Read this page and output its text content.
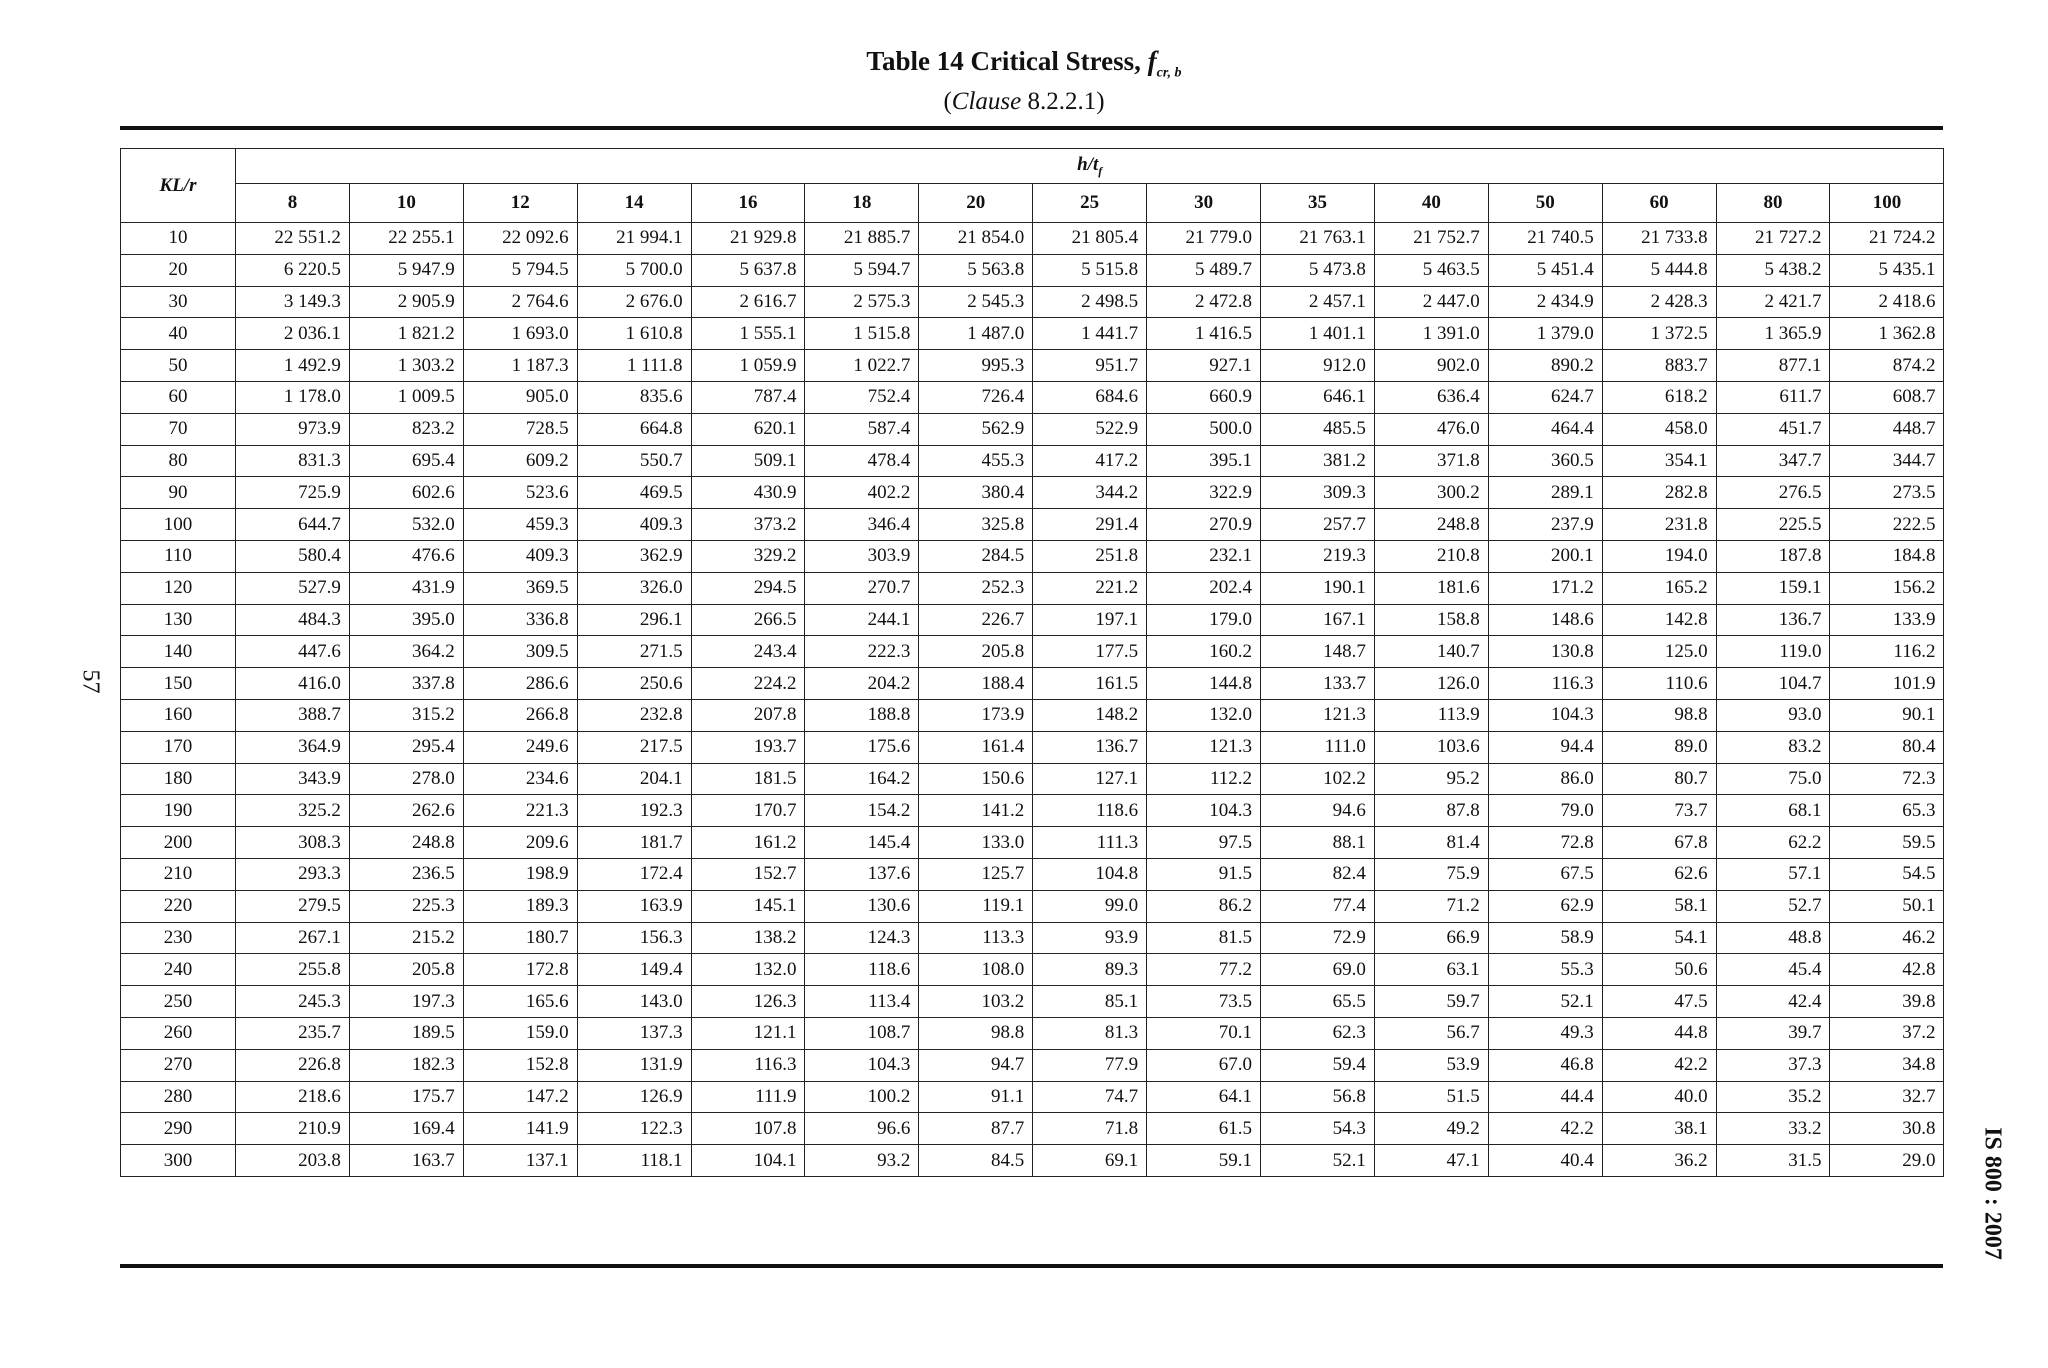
Table 14 Critical Stress, $f_{cr, b}$
(Clause 8.2.2.1)
57
IS 800 : 2007
KL/r	$h/t_f$
	8	10	12	14	16	18	20	25	30	35	40	50	60	80	100
10	22 551.2	22 255.1	22 092.6	21 994.1	21 929.8	21 885.7	21 854.0	21 805.4	21 779.0	21 763.1	21 752.7	21 740.5	21 733.8	21 727.2	21 724.2
20	6 220.5	5 947.9	5 794.5	5 700.0	5 637.8	5 594.7	5 563.8	5 515.8	5 489.7	5 473.8	5 463.5	5 451.4	5 444.8	5 438.2	5 435.1
30	3 149.3	2 905.9	2 764.6	2 676.0	2 616.7	2 575.3	2 545.3	2 498.5	2 472.8	2 457.1	2 447.0	2 434.9	2 428.3	2 421.7	2 418.6
40	2 036.1	1 821.2	1 693.0	1 610.8	1 555.1	1 515.8	1 487.0	1 441.7	1 416.5	1 401.1	1 391.0	1 379.0	1 372.5	1 365.9	1 362.8
50	1 492.9	1 303.2	1 187.3	1 111.8	1 059.9	1 022.7	995.3	951.7	927.1	912.0	902.0	890.2	883.7	877.1	874.2
60	1 178.0	1 009.5	905.0	835.6	787.4	752.4	726.4	684.6	660.9	646.1	636.4	624.7	618.2	611.7	608.7
70	973.9	823.2	728.5	664.8	620.1	587.4	562.9	522.9	500.0	485.5	476.0	464.4	458.0	451.7	448.7
80	831.3	695.4	609.2	550.7	509.1	478.4	455.3	417.2	395.1	381.2	371.8	360.5	354.1	347.7	344.7
90	725.9	602.6	523.6	469.5	430.9	402.2	380.4	344.2	322.9	309.3	300.2	289.1	282.8	276.5	273.5
100	644.7	532.0	459.3	409.3	373.2	346.4	325.8	291.4	270.9	257.7	248.8	237.9	231.8	225.5	222.5
110	580.4	476.6	409.3	362.9	329.2	303.9	284.5	251.8	232.1	219.3	210.8	200.1	194.0	187.8	184.8
120	527.9	431.9	369.5	326.0	294.5	270.7	252.3	221.2	202.4	190.1	181.6	171.2	165.2	159.1	156.2
130	484.3	395.0	336.8	296.1	266.5	244.1	226.7	197.1	179.0	167.1	158.8	148.6	142.8	136.7	133.9
140	447.6	364.2	309.5	271.5	243.4	222.3	205.8	177.5	160.2	148.7	140.7	130.8	125.0	119.0	116.2
150	416.0	337.8	286.6	250.6	224.2	204.2	188.4	161.5	144.8	133.7	126.0	116.3	110.6	104.7	101.9
160	388.7	315.2	266.8	232.8	207.8	188.8	173.9	148.2	132.0	121.3	113.9	104.3	98.8	93.0	90.1
170	364.9	295.4	249.6	217.5	193.7	175.6	161.4	136.7	121.3	111.0	103.6	94.4	89.0	83.2	80.4
180	343.9	278.0	234.6	204.1	181.5	164.2	150.6	127.1	112.2	102.2	95.2	86.0	80.7	75.0	72.3
190	325.2	262.6	221.3	192.3	170.7	154.2	141.2	118.6	104.3	94.6	87.8	79.0	73.7	68.1	65.3
200	308.3	248.8	209.6	181.7	161.2	145.4	133.0	111.3	97.5	88.1	81.4	72.8	67.8	62.2	59.5
210	293.3	236.5	198.9	172.4	152.7	137.6	125.7	104.8	91.5	82.4	75.9	67.5	62.6	57.1	54.5
220	279.5	225.3	189.3	163.9	145.1	130.6	119.1	99.0	86.2	77.4	71.2	62.9	58.1	52.7	50.1
230	267.1	215.2	180.7	156.3	138.2	124.3	113.3	93.9	81.5	72.9	66.9	58.9	54.1	48.8	46.2
240	255.8	205.8	172.8	149.4	132.0	118.6	108.0	89.3	77.2	69.0	63.1	55.3	50.6	45.4	42.8
250	245.3	197.3	165.6	143.0	126.3	113.4	103.2	85.1	73.5	65.5	59.7	52.1	47.5	42.4	39.8
260	235.7	189.5	159.0	137.3	121.1	108.7	98.8	81.3	70.1	62.3	56.7	49.3	44.8	39.7	37.2
270	226.8	182.3	152.8	131.9	116.3	104.3	94.7	77.9	67.0	59.4	53.9	46.8	42.2	37.3	34.8
280	218.6	175.7	147.2	126.9	111.9	100.2	91.1	74.7	64.1	56.8	51.5	44.4	40.0	35.2	32.7
290	210.9	169.4	141.9	122.3	107.8	96.6	87.7	71.8	61.5	54.3	49.2	42.2	38.1	33.2	30.8
300	203.8	163.7	137.1	118.1	104.1	93.2	84.5	69.1	59.1	52.1	47.1	40.4	36.2	31.5	29.0
